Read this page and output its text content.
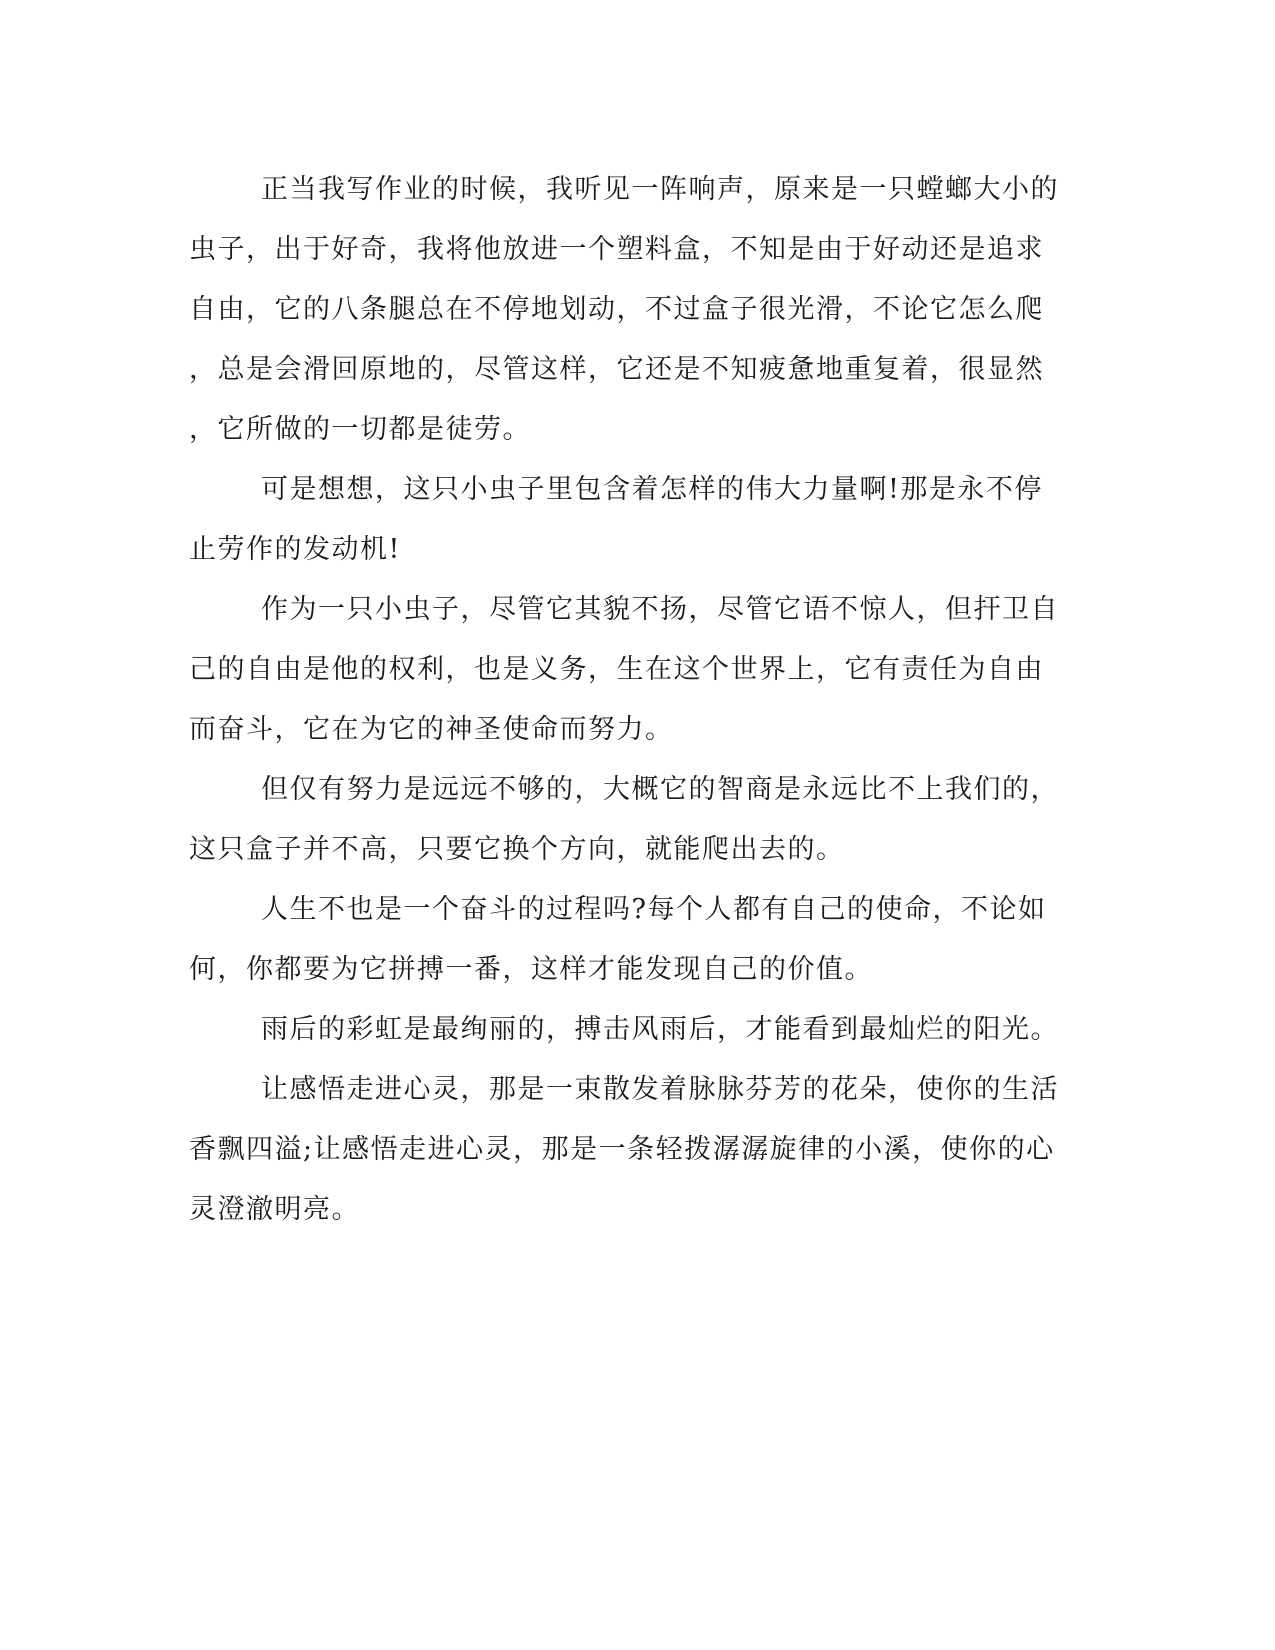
正当我写作业的时候，我听见一阵响声，原来是一只螳螂大小的
虫子，出于好奇，我将他放进一个塑料盒，不知是由于好动还是追求
自由，它的八条腿总在不停地划动，不过盒子很光滑，不论它怎么爬
，总是会滑回原地的，尽管这样，它还是不知疲惫地重复着，很显然
，它所做的一切都是徒劳。
可是想想，这只小虫子里包含着怎样的伟大力量啊!那是永不停
止劳作的发动机!
作为一只小虫子，尽管它其貌不扬，尽管它语不惊人，但扞卫自
己的自由是他的权利，也是义务，生在这个世界上，它有责任为自由
而奋斗，它在为它的神圣使命而努力。
但仅有努力是远远不够的，大概它的智商是永远比不上我们的，
这只盒子并不高，只要它换个方向，就能爬出去的。
人生不也是一个奋斗的过程吗?每个人都有自己的使命，不论如
何，你都要为它拼搏一番，这样才能发现自己的价值。
雨后的彩虹是最绚丽的，搏击风雨后，才能看到最灿烂的阳光。
让感悟走进心灵，那是一束散发着脉脉芬芳的花朵，使你的生活
香飘四溢;让感悟走进心灵，那是一条轻拨潺潺旋律的小溪，使你的心
灵澄澈明亮。
